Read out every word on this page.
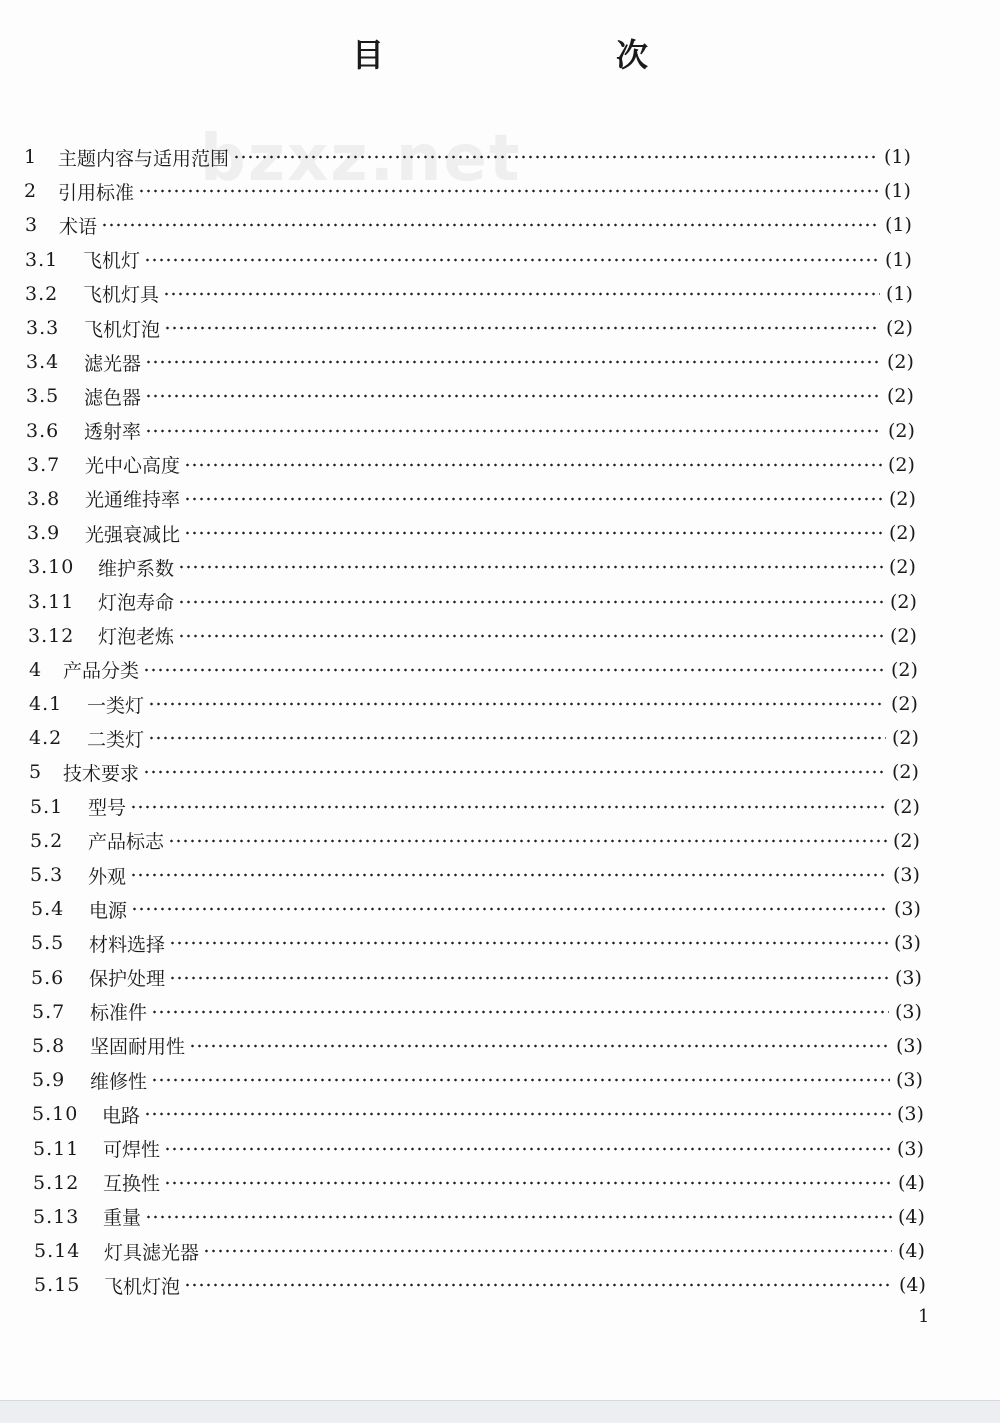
bzxz.net
目　次
1	主题内容与适用范围	(1)
2	引用标准	(1)
3	术语	(1)
3.1	飞机灯	(1)
3.2	飞机灯具	(1)
3.3	飞机灯泡	(2)
3.4	滤光器	(2)
3.5	滤色器	(2)
3.6	透射率	(2)
3.7	光中心高度	(2)
3.8	光通维持率	(2)
3.9	光强衰减比	(2)
3.10	维护系数	(2)
3.11	灯泡寿命	(2)
3.12	灯泡老炼	(2)
4	产品分类	(2)
4.1	一类灯	(2)
4.2	二类灯	(2)
5	技术要求	(2)
5.1	型号	(2)
5.2	产品标志	(2)
5.3	外观	(3)
5.4	电源	(3)
5.5	材料选择	(3)
5.6	保护处理	(3)
5.7	标准件	(3)
5.8	坚固耐用性	(3)
5.9	维修性	(3)
5.10	电路	(3)
5.11	可焊性	(3)
5.12	互换性	(4)
5.13	重量	(4)
5.14	灯具滤光器	(4)
5.15	飞机灯泡	(4)
1
